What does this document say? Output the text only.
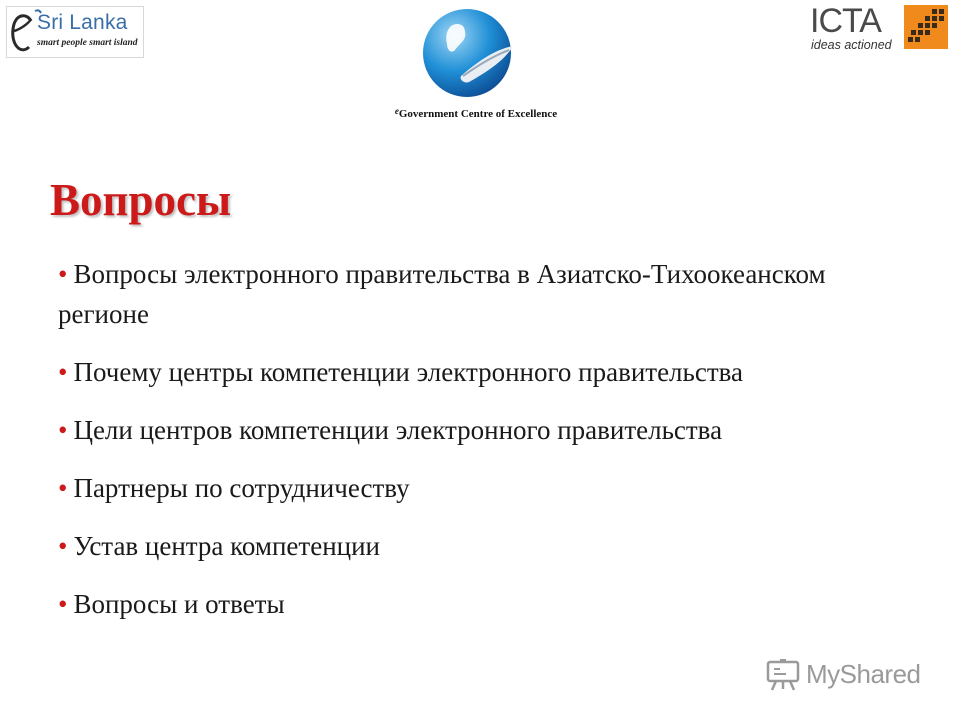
Sri Lanka
smart people smart island
$^e$Government Centre of Excellence
ICTA
ideas actioned
Вопросы
• Вопросы электронного правительства в Азиатско-Тихоокеанском регионе
• Почему центры компетенции электронного правительства
• Цели центров компетенции электронного правительства
• Партнеры по сотрудничеству
• Устав центра компетенции
• Вопросы и ответы
MyShared
